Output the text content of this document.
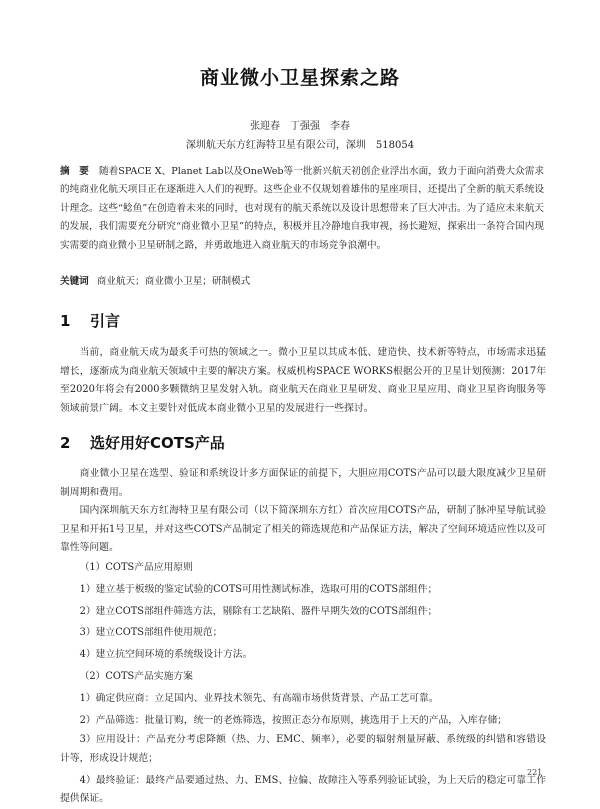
商业微小卫星探索之路
张迎春　丁强强　李春
深圳航天东方红海特卫星有限公司，深圳　518054
摘　要 随着SPACE X、Planet Lab以及OneWeb等一批新兴航天初创企业浮出水面，致力于面向消费大众需求的纯商业化航天项目正在逐渐进入人们的视野。这些企业不仅规划着雄伟的星座项目，还提出了全新的航天系统设计理念。这些“鲶鱼”在创造着未来的同时，也对现有的航天系统以及设计思想带来了巨大冲击。为了适应未来航天的发展，我们需要充分研究“商业微小卫星”的特点，积极并且冷静地自我审视，扬长避短，探索出一条符合国内现实需要的商业微小卫星研制之路，并勇敢地进入商业航天的市场竞争浪潮中。
关键词 商业航天；商业微小卫星；研制模式
1 引言

当前，商业航天成为最炙手可热的领域之一。微小卫星以其成本低、建造快、技术新等特点，市场需求迅猛增长，逐渐成为商业航天领域中主要的解决方案。权威机构SPACE WORKS根据公开的卫星计划预测：2017年至2020年将会有2000多颗微纳卫星发射入轨。商业航天在商业卫星研发、商业卫星应用、商业卫星咨询服务等领域前景广阔。本文主要针对低成本商业微小卫星的发展进行一些探讨。

2 选好用好COTS产品

商业微小卫星在选型、验证和系统设计多方面保证的前提下，大胆应用COTS产品可以最大限度减少卫星研制周期和费用。

国内深圳航天东方红海特卫星有限公司（以下简深圳东方红）首次应用COTS产品，研制了脉冲星导航试验卫星和开拓1号卫星，并对这些COTS产品制定了相关的筛选规范和产品保证方法，解决了空间环境适应性以及可靠性等问题。

（1）COTS产品应用原则

1）建立基于板级的鉴定试验的COTS可用性测试标准，选取可用的COTS部组件；

2）建立COTS部组件筛选方法，剔除有工艺缺陷、器件早期失效的COTS部组件；

3）建立COTS部组件使用规范；

4）建立抗空间环境的系统级设计方法。

（2）COTS产品实施方案

1）确定供应商：立足国内、业界技术领先、有高端市场供货背景、产品工艺可靠。

2）产品筛选：批量订购，统一的老炼筛选，按照正态分布原则，挑选用于上天的产品，入库存储；

3）应用设计：产品充分考虑降额（热、力、EMC、频率），必要的辐射剂量屏蔽、系统级的纠错和容错设计等，形成设计规范；

4）最终验证：最终产品要通过热、力、EMS、拉偏、故障注入等系列验证试验，为上天后的稳定可靠工作提供保证。

221
